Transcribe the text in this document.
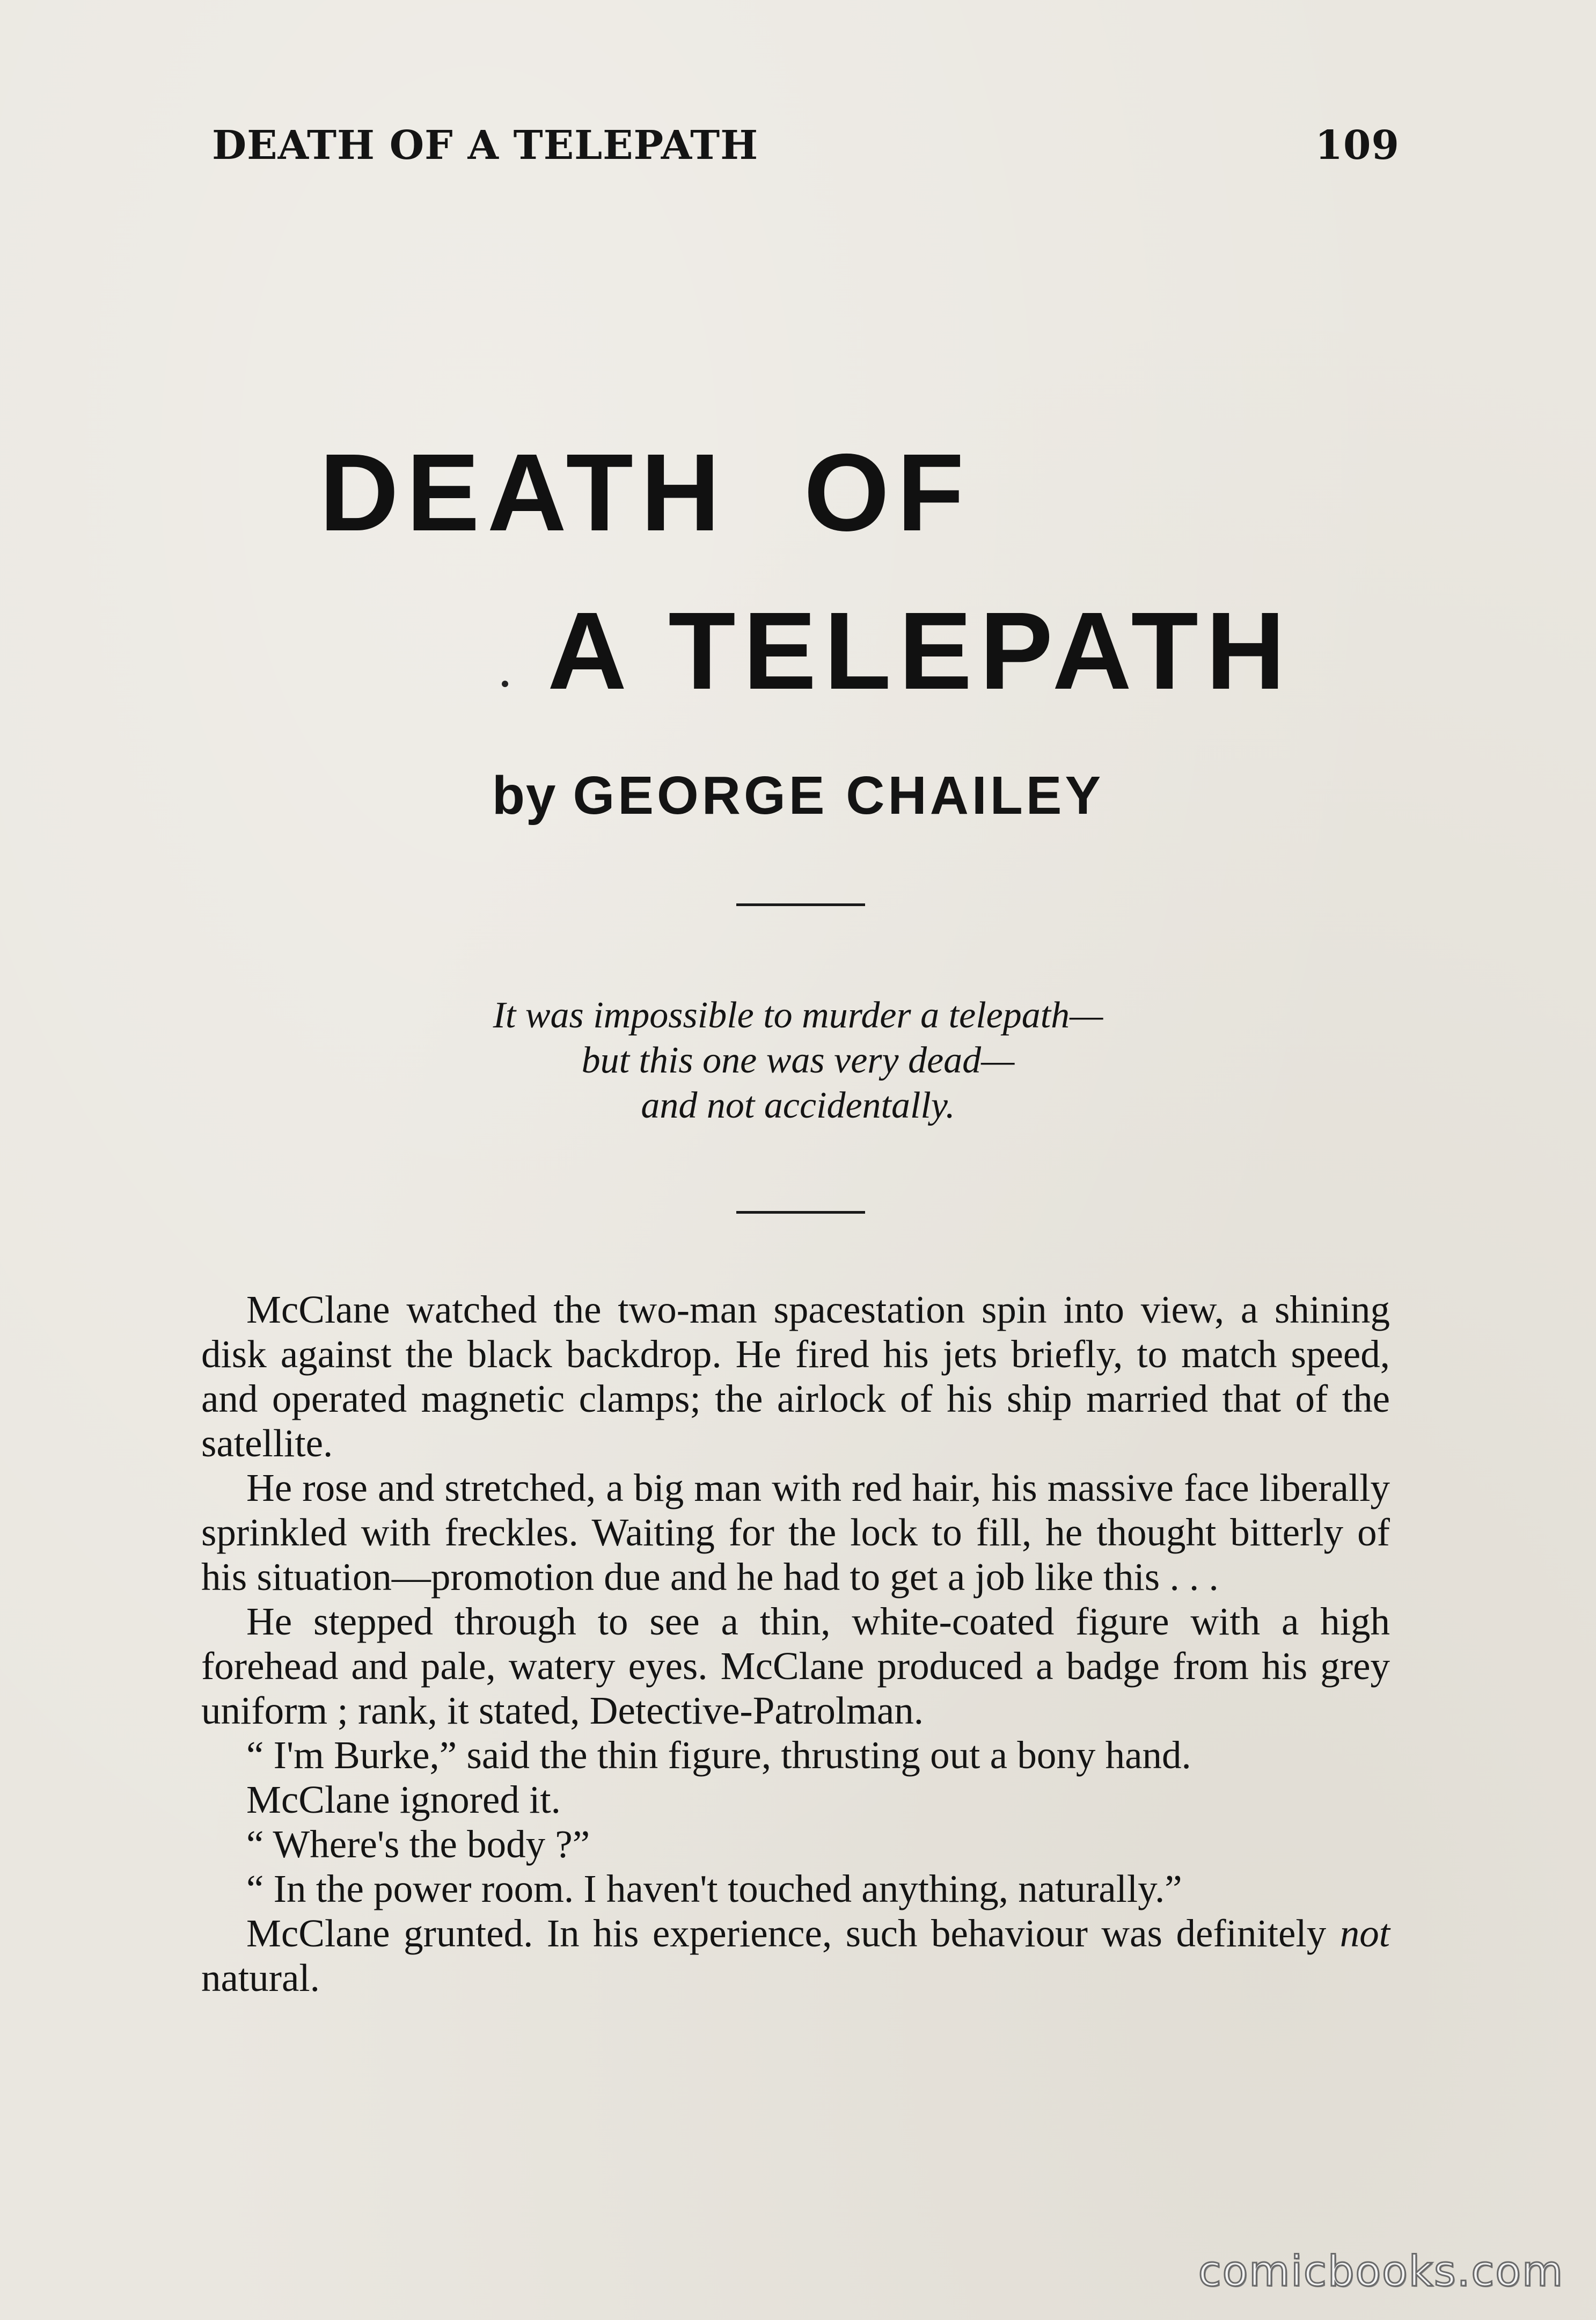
DEATH OF A TELEPATH	109
DEATH  OF
A TELEPATH
by GEORGE CHAILEY
It was impossible to murder a telepath—
but this one was very dead—
and not accidentally.

McClane watched the two-man spacestation spin into view, a shining disk against the black backdrop. He fired his jets briefly, to match speed, and operated magnetic clamps; the airlock of his ship married that of the satellite.

He rose and stretched, a big man with red hair, his massive face liberally sprinkled with freckles. Waiting for the lock to fill, he thought bitterly of his situation—promotion due and he had to get a job like this . . .

He stepped through to see a thin, white-coated figure with a high forehead and pale, watery eyes. McClane produced a badge from his grey uniform ; rank, it stated, Detective-Patrolman.

“ I'm Burke,” said the thin figure, thrusting out a bony hand.

McClane ignored it.

“ Where's the body ?”

“ In the power room. I haven't touched anything, naturally.”

McClane grunted. In his experience, such behaviour was definitely not natural.

comicbooks.com
